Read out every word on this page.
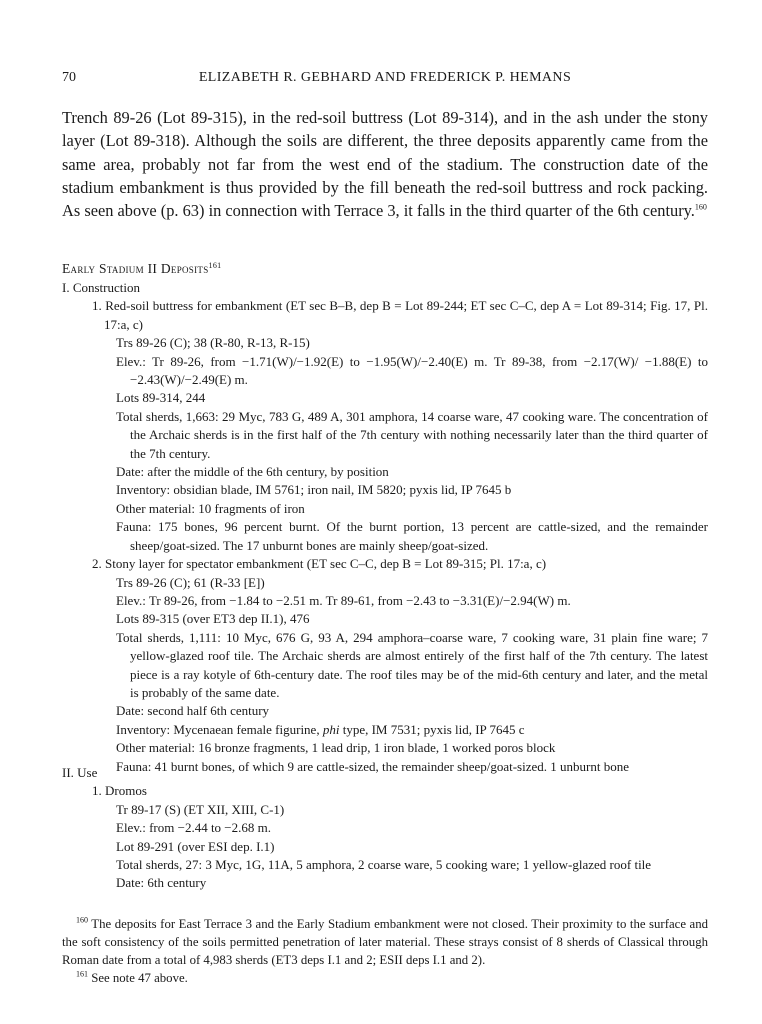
70	ELIZABETH R. GEBHARD AND FREDERICK P. HEMANS

Trench 89-26 (Lot 89-315), in the red-soil buttress (Lot 89-314), and in the ash under the stony layer (Lot 89-318). Although the soils are different, the three deposits apparently came from the same area, probably not far from the west end of the stadium. The construction date of the stadium embankment is thus provided by the fill beneath the red-soil buttress and rock packing. As seen above (p. 63) in connection with Terrace 3, it falls in the third quarter of the 6th century.$^{160}$

Early Stadium II Deposits$^{161}$

I. Construction

1. Red-soil buttress for embankment (ET sec B–B, dep B = Lot 89-244; ET sec C–C, dep A = Lot 89-314; Fig. 17, Pl. 17:a, c)

Trs 89-26 (C); 38 (R-80, R-13, R-15)

Elev.: Tr 89-26, from −1.71(W)/−1.92(E) to −1.95(W)/−2.40(E) m. Tr 89-38, from −2.17(W)/ −1.88(E) to −2.43(W)/−2.49(E) m.

Lots 89-314, 244

Total sherds, 1,663: 29 Myc, 783 G, 489 A, 301 amphora, 14 coarse ware, 47 cooking ware. The concentration of the Archaic sherds is in the first half of the 7th century with nothing necessarily later than the third quarter of the 7th century.

Date: after the middle of the 6th century, by position

Inventory: obsidian blade, IM 5761; iron nail, IM 5820; pyxis lid, IP 7645 b

Other material: 10 fragments of iron

Fauna: 175 bones, 96 percent burnt. Of the burnt portion, 13 percent are cattle-sized, and the remainder sheep/goat-sized. The 17 unburnt bones are mainly sheep/goat-sized.

2. Stony layer for spectator embankment (ET sec C–C, dep B = Lot 89-315; Pl. 17:a, c)

Trs 89-26 (C); 61 (R-33 [E])

Elev.: Tr 89-26, from −1.84 to −2.51 m. Tr 89-61, from −2.43 to −3.31(E)/−2.94(W) m.

Lots 89-315 (over ET3 dep II.1), 476

Total sherds, 1,111: 10 Myc, 676 G, 93 A, 294 amphora–coarse ware, 7 cooking ware, 31 plain fine ware; 7 yellow-glazed roof tile. The Archaic sherds are almost entirely of the first half of the 7th century. The latest piece is a ray kotyle of 6th-century date. The roof tiles may be of the mid-6th century and later, and the metal is probably of the same date.

Date: second half 6th century

Inventory: Mycenaean female figurine, phi type, IM 7531; pyxis lid, IP 7645 c

Other material: 16 bronze fragments, 1 lead drip, 1 iron blade, 1 worked poros block

Fauna: 41 burnt bones, of which 9 are cattle-sized, the remainder sheep/goat-sized. 1 unburnt bone

II. Use

1. Dromos

Tr 89-17 (S) (ET XII, XIII, C-1)

Elev.: from −2.44 to −2.68 m.

Lot 89-291 (over ESI dep. I.1)

Total sherds, 27: 3 Myc, 1G, 11A, 5 amphora, 2 coarse ware, 5 cooking ware; 1 yellow-glazed roof tile

Date: 6th century

$^{160}$ The deposits for East Terrace 3 and the Early Stadium embankment were not closed. Their proximity to the surface and the soft consistency of the soils permitted penetration of later material. These strays consist of 8 sherds of Classical through Roman date from a total of 4,983 sherds (ET3 deps I.1 and 2; ESII deps I.1 and 2).

$^{161}$ See note 47 above.
